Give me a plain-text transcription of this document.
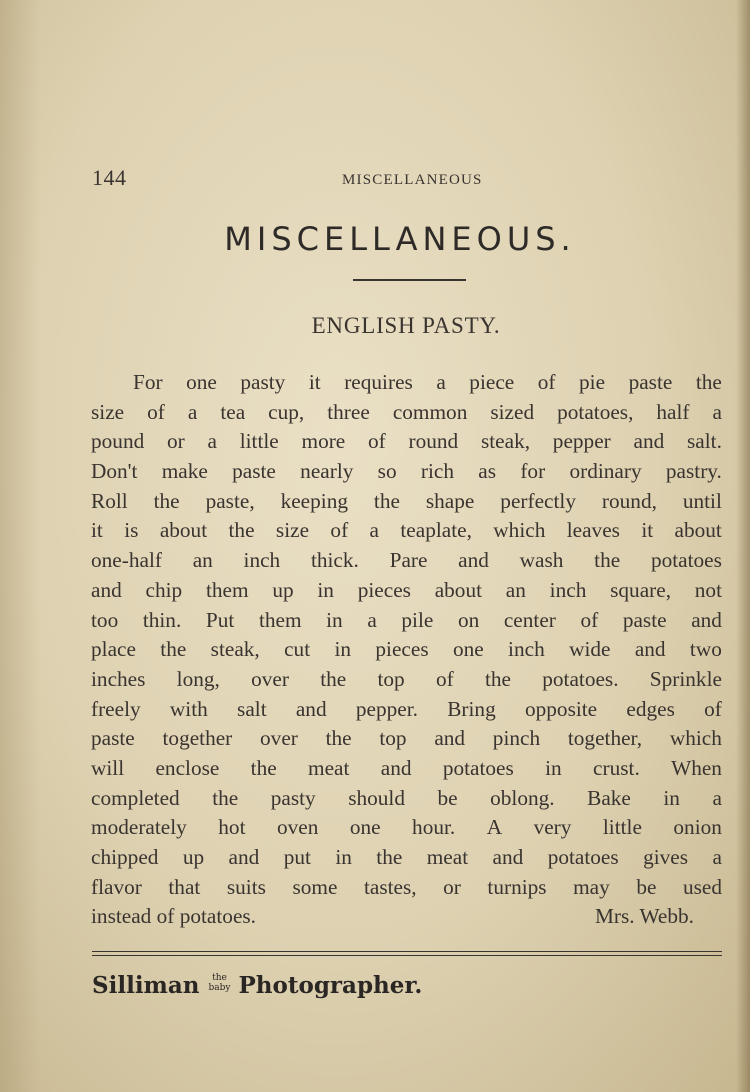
144	MISCELLANEOUS
MISCELLANEOUS.
ENGLISH PASTY.
For one pasty it requires a piece of pie paste the
size of a tea cup, three common sized potatoes, half a
pound or a little more of round steak, pepper and salt.
Don't make paste nearly so rich as for ordinary pastry.
Roll the paste, keeping the shape perfectly round, until
it is about the size of a teaplate, which leaves it about
one-half an inch thick. Pare and wash the potatoes
and chip them up in pieces about an inch square, not
too thin. Put them in a pile on center of paste and
place the steak, cut in pieces one inch wide and two
inches long, over the top of the potatoes. Sprinkle
freely with salt and pepper. Bring opposite edges of
paste together over the top and pinch together, which
will enclose the meat and potatoes in crust. When
completed the pasty should be oblong. Bake in a
moderately hot oven one hour. A very little onion
chipped up and put in the meat and potatoes gives a
flavor that suits some tastes, or turnips may be used
instead of potatoes.	Mrs. Webb.
Silliman the
baby Photographer.
